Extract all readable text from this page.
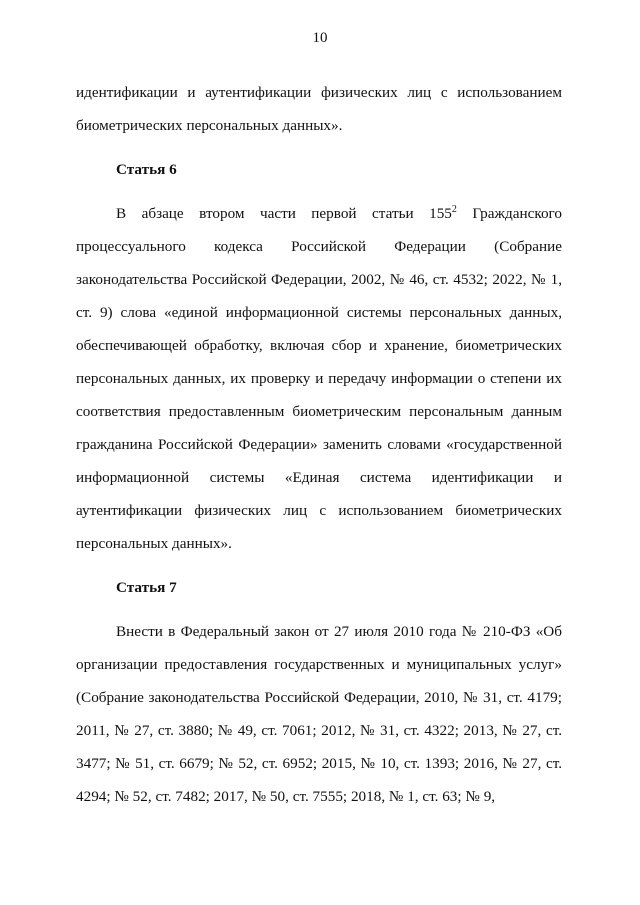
10

идентификации и аутентификации физических лиц с использованием биометрических персональных данных».

Статья 6

В абзаце втором части первой статьи $155^2$ Гражданского процессуального кодекса Российской Федерации (Собрание законодательства Российской Федерации, 2002, № 46, ст. 4532; 2022, № 1, ст. 9) слова «единой информационной системы персональных данных, обеспечивающей обработку, включая сбор и хранение, биометрических персональных данных, их проверку и передачу информации о степени их соответствия предоставленным биометрическим персональным данным гражданина Российской Федерации» заменить словами «государственной информационной системы «Единая система идентификации и аутентификации физических лиц с использованием биометрических персональных данных».

Статья 7

Внести в Федеральный закон от 27 июля 2010 года № 210-ФЗ «Об организации предоставления государственных и муниципальных услуг» (Собрание законодательства Российской Федерации, 2010, № 31, ст. 4179; 2011, № 27, ст. 3880; № 49, ст. 7061; 2012, № 31, ст. 4322; 2013, № 27, ст. 3477; № 51, ст. 6679; № 52, ст. 6952; 2015, № 10, ст. 1393; 2016, № 27, ст. 4294; № 52, ст. 7482; 2017, № 50, ст. 7555; 2018, № 1, ст. 63; № 9,
